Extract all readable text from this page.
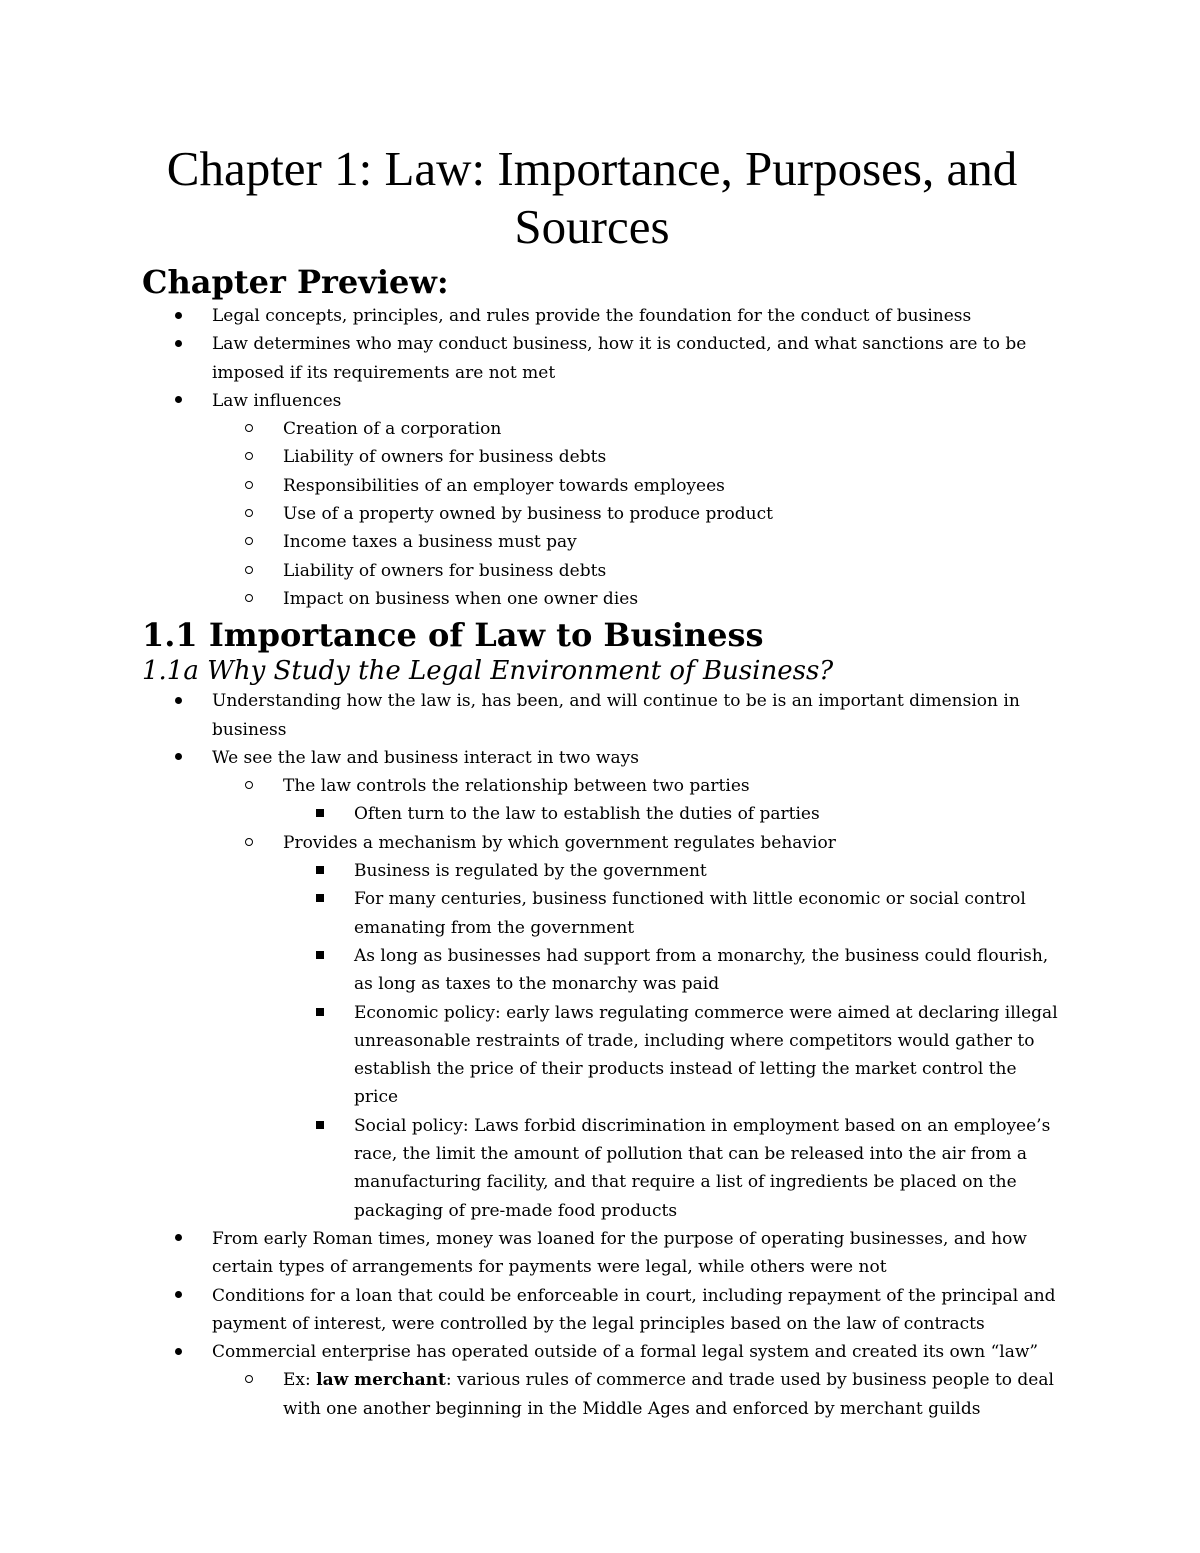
Chapter 1: Law: Importance, Purposes, and
Sources
Chapter Preview:
Legal concepts, principles, and rules provide the foundation for the conduct of business
Law determines who may conduct business, how it is conducted, and what sanctions are to be imposed if its requirements are not met
Law influences
Creation of a corporation
Liability of owners for business debts
Responsibilities of an employer towards employees
Use of a property owned by business to produce product
Income taxes a business must pay
Liability of owners for business debts
Impact on business when one owner dies
1.1 Importance of Law to Business
1.1a Why Study the Legal Environment of Business?
Understanding how the law is, has been, and will continue to be is an important dimension in business
We see the law and business interact in two ways
The law controls the relationship between two parties
Often turn to the law to establish the duties of parties
Provides a mechanism by which government regulates behavior
Business is regulated by the government
For many centuries, business functioned with little economic or social control emanating from the government
As long as businesses had support from a monarchy, the business could flourish, as long as taxes to the monarchy was paid
Economic policy: early laws regulating commerce were aimed at declaring illegal unreasonable restraints of trade, including where competitors would gather to establish the price of their products instead of letting the market control the price
Social policy: Laws forbid discrimination in employment based on an employee’s race, the limit the amount of pollution that can be released into the air from a manufacturing facility, and that require a list of ingredients be placed on the packaging of pre-made food products
From early Roman times, money was loaned for the purpose of operating businesses, and how certain types of arrangements for payments were legal, while others were not
Conditions for a loan that could be enforceable in court, including repayment of the principal and payment of interest, were controlled by the legal principles based on the law of contracts
Commercial enterprise has operated outside of a formal legal system and created its own “law”
Ex: law merchant: various rules of commerce and trade used by business people to deal with one another beginning in the Middle Ages and enforced by merchant guilds
